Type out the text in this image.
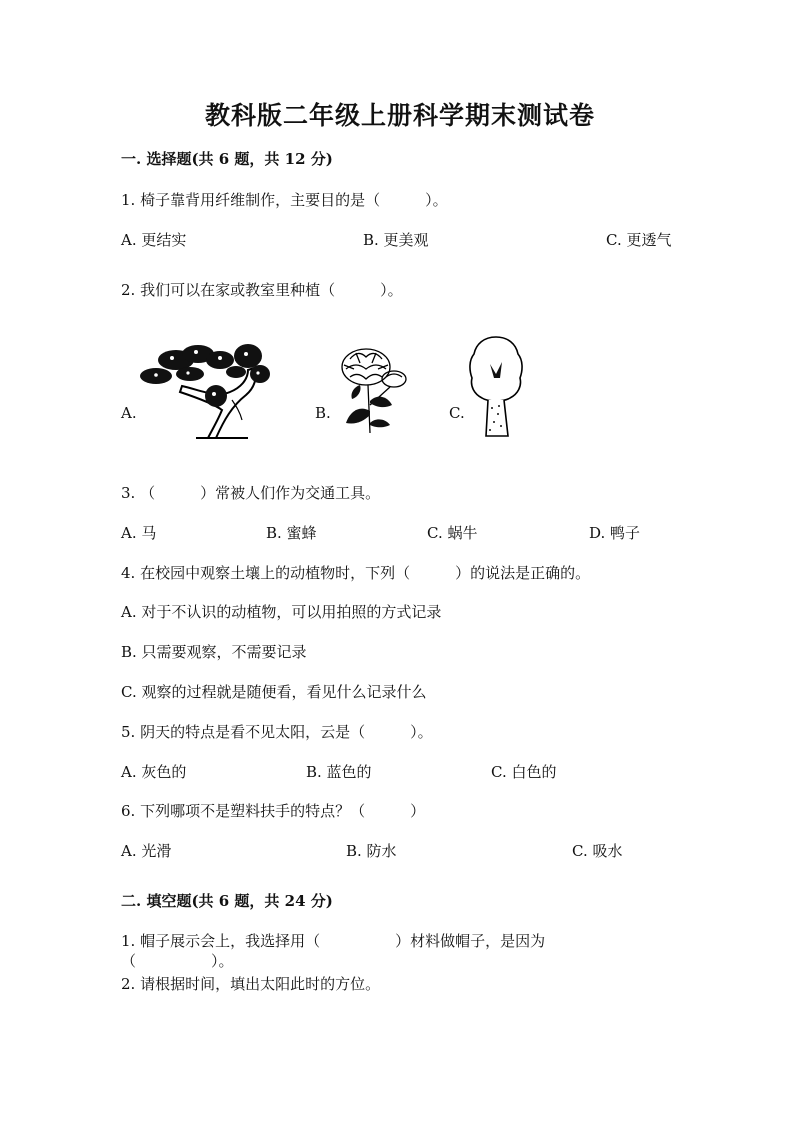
教科版二年级上册科学期末测试卷
一. 选择题(共 6 题，共 12 分)
1. 椅子靠背用纤维制作，主要目的是（　　　）。
A. 更结实	B. 更美观	C. 更透气
2. 我们可以在家或教室里种植（　　　）。
A.	B.	C.
3. （　　　）常被人们作为交通工具。
A. 马	B. 蜜蜂	C. 蜗牛	D. 鸭子
4. 在校园中观察土壤上的动植物时，下列（　　　）的说法是正确的。
A. 对于不认识的动植物，可以用拍照的方式记录
B. 只需要观察，不需要记录
C. 观察的过程就是随便看，看见什么记录什么
5. 阴天的特点是看不见太阳，云是（　　　）。
A. 灰色的	B. 蓝色的	C. 白色的
6. 下列哪项不是塑料扶手的特点？（　　　）
A. 光滑	B. 防水	C. 吸水
二. 填空题(共 6 题，共 24 分)
1. 帽子展示会上，我选择用（　　　　　）材料做帽子，是因为
（　　　　　）。
2. 请根据时间，填出太阳此时的方位。
